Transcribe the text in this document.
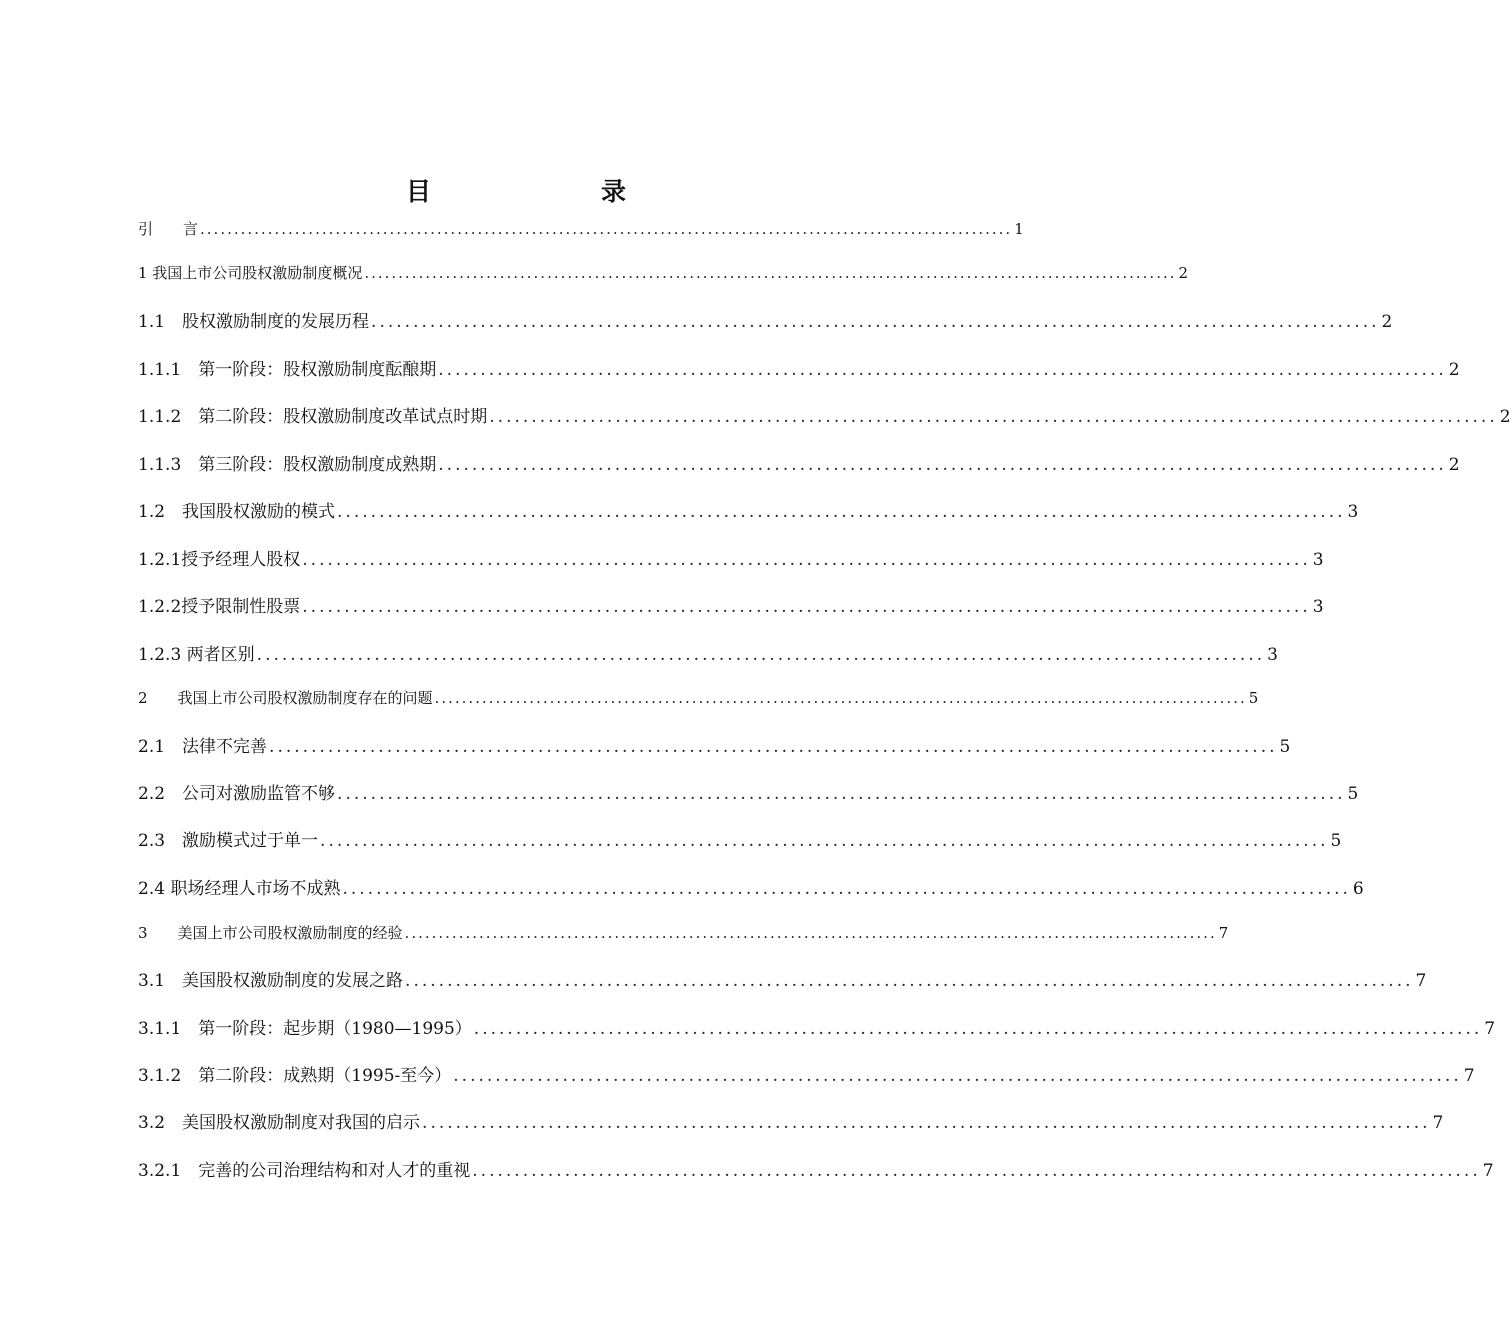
目　　录
引　　言 ........................................................................................................................ 1
1 我国上市公司股权激励制度概况 ........................................................................................................................ 2
1.1　股权激励制度的发展历程 ........................................................................................................................ 2
1.1.1　第一阶段：股权激励制度酝酿期 ........................................................................................................................ 2
1.1.2　第二阶段：股权激励制度改革试点时期 ........................................................................................................................ 2
1.1.3　第三阶段：股权激励制度成熟期 ........................................................................................................................ 2
1.2　我国股权激励的模式 ........................................................................................................................ 3
1.2.1授予经理人股权 ........................................................................................................................ 3
1.2.2授予限制性股票 ........................................................................................................................ 3
1.2.3 两者区别 ........................................................................................................................ 3
2　　我国上市公司股权激励制度存在的问题 ........................................................................................................................ 5
2.1　法律不完善 ........................................................................................................................ 5
2.2　公司对激励监管不够 ........................................................................................................................ 5
2.3　激励模式过于单一 ........................................................................................................................ 5
2.4 职场经理人市场不成熟 ........................................................................................................................ 6
3　　美国上市公司股权激励制度的经验 ........................................................................................................................ 7
3.1　美国股权激励制度的发展之路 ........................................................................................................................ 7
3.1.1　第一阶段：起步期（1980—1995） ........................................................................................................................ 7
3.1.2　第二阶段：成熟期（1995-至今） ........................................................................................................................ 7
3.2　美国股权激励制度对我国的启示 ........................................................................................................................ 7
3.2.1　完善的公司治理结构和对人才的重视 ........................................................................................................................ 7
